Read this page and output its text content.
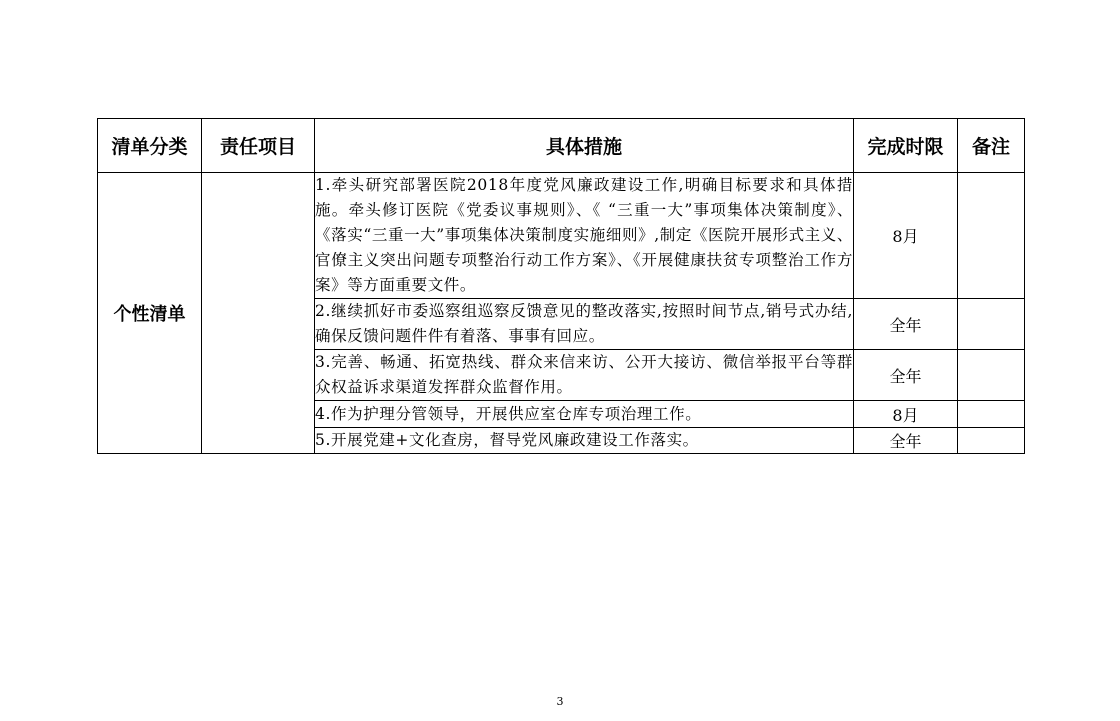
清单分类	责任项目	具体措施	完成时限	备注
个性清单		1.牵头研究部署医院2018年度党风廉政建设工作,明确目标要求和具体措施。牵头修订医院《党委议事规则》、《 “三重一大”事项集体决策制度》、《落实“三重一大”事项集体决策制度实施细则》,制定《医院开展形式主义、官僚主义突出问题专项整治行动工作方案》、《开展健康扶贫专项整治工作方案》等方面重要文件。	8月	
		2.继续抓好市委巡察组巡察反馈意见的整改落实,按照时间节点,销号式办结,确保反馈问题件件有着落、事事有回应。	全年	
		3.完善、畅通、拓宽热线、群众来信来访、公开大接访、微信举报平台等群众权益诉求渠道发挥群众监督作用。	全年	
		4.作为护理分管领导，开展供应室仓库专项治理工作。	8月	
		5.开展党建+文化查房，督导党风廉政建设工作落实。	全年	
3
